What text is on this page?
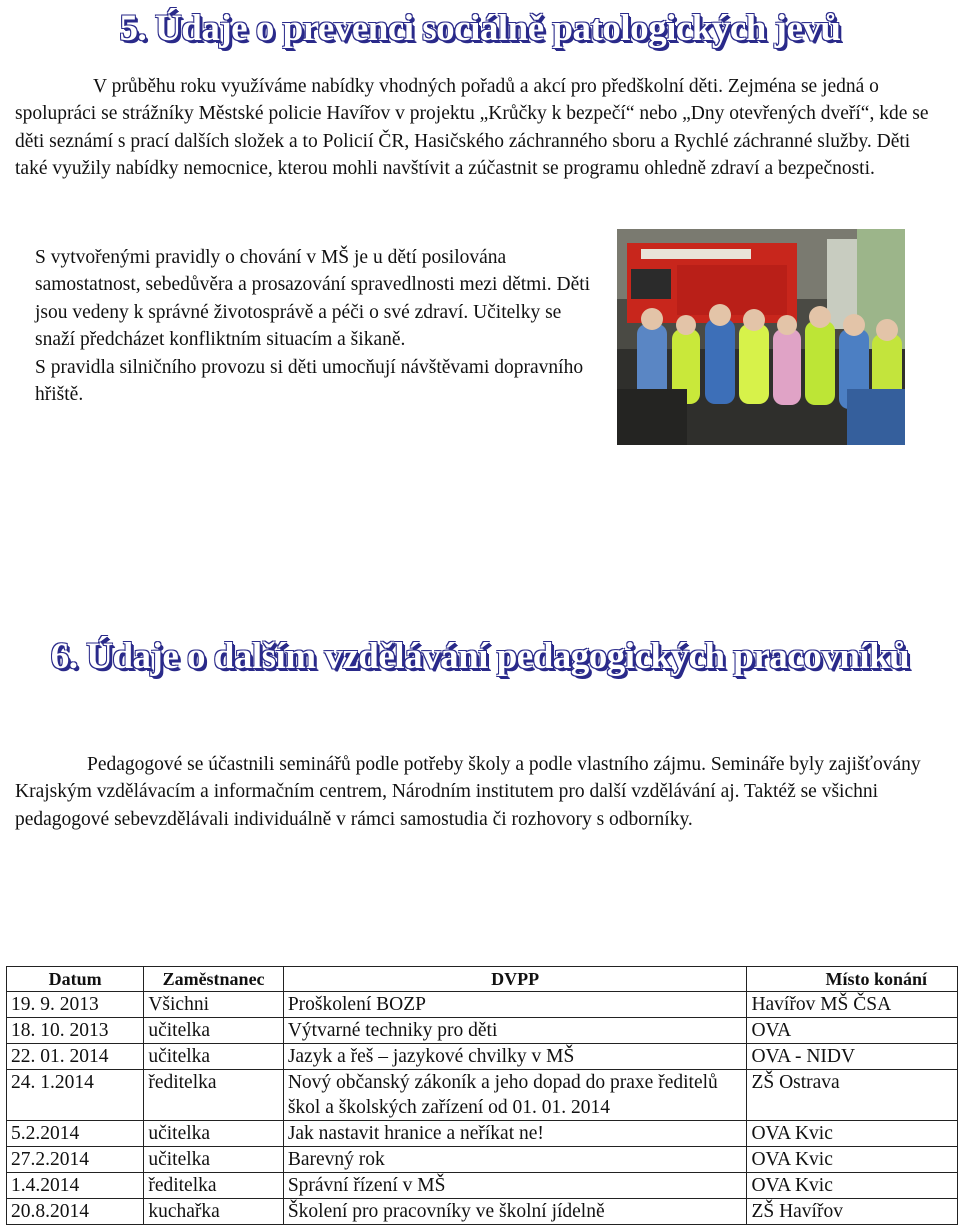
5. Údaje o prevenci sociálně patologických jevů
V průběhu roku využíváme nabídky vhodných pořadů a akcí pro předškolní děti. Zejména se jedná o spolupráci se strážníky Městské policie Havířov v projektu „Krůčky k bezpečí“ nebo „Dny otevřených dveří“, kde se děti seznámí s prací dalších složek a to Policií ČR, Hasičského záchranného sboru a Rychlé záchranné služby. Děti také využily nabídky nemocnice, kterou mohli navštívit a zúčastnit se programu ohledně zdraví a bezpečnosti.
S vytvořenými pravidly o chování v MŠ je u dětí posilována samostatnost, sebedůvěra a prosazování spravedlnosti mezi dětmi. Děti jsou vedeny k správné životosprávě a péči o své zdraví. Učitelky se snaží předcházet konfliktním situacím a šikaně.
S pravidla silničního provozu si děti umocňují návštěvami dopravního hřiště.
6. Údaje o dalším vzdělávání pedagogických pracovníků
Pedagogové se účastnili seminářů podle potřeby školy a podle vlastního zájmu. Semináře byly zajišťovány Krajským vzdělávacím a informačním centrem, Národním institutem pro další vzdělávání aj. Taktéž se všichni pedagogové sebevzdělávali individuálně v rámci samostudia či rozhovory s odborníky.
Datum	Zaměstnanec	DVPP	Místo konání
19. 9. 2013	Všichni	Proškolení BOZP	Havířov MŠ ČSA
18. 10. 2013	učitelka	Výtvarné techniky pro děti	OVA
22. 01. 2014	učitelka	Jazyk a řeš – jazykové chvilky v MŠ	OVA - NIDV
24. 1.2014	ředitelka	Nový občanský zákoník a jeho dopad do praxe ředitelů škol a školských zařízení od 01. 01. 2014	ZŠ Ostrava
5.2.2014	učitelka	Jak nastavit hranice a neříkat ne!	OVA Kvic
27.2.2014	učitelka	Barevný rok	OVA Kvic
1.4.2014	ředitelka	Správní řízení v MŠ	OVA Kvic
20.8.2014	kuchařka	Školení pro pracovníky ve školní jídelně	ZŠ Havířov
